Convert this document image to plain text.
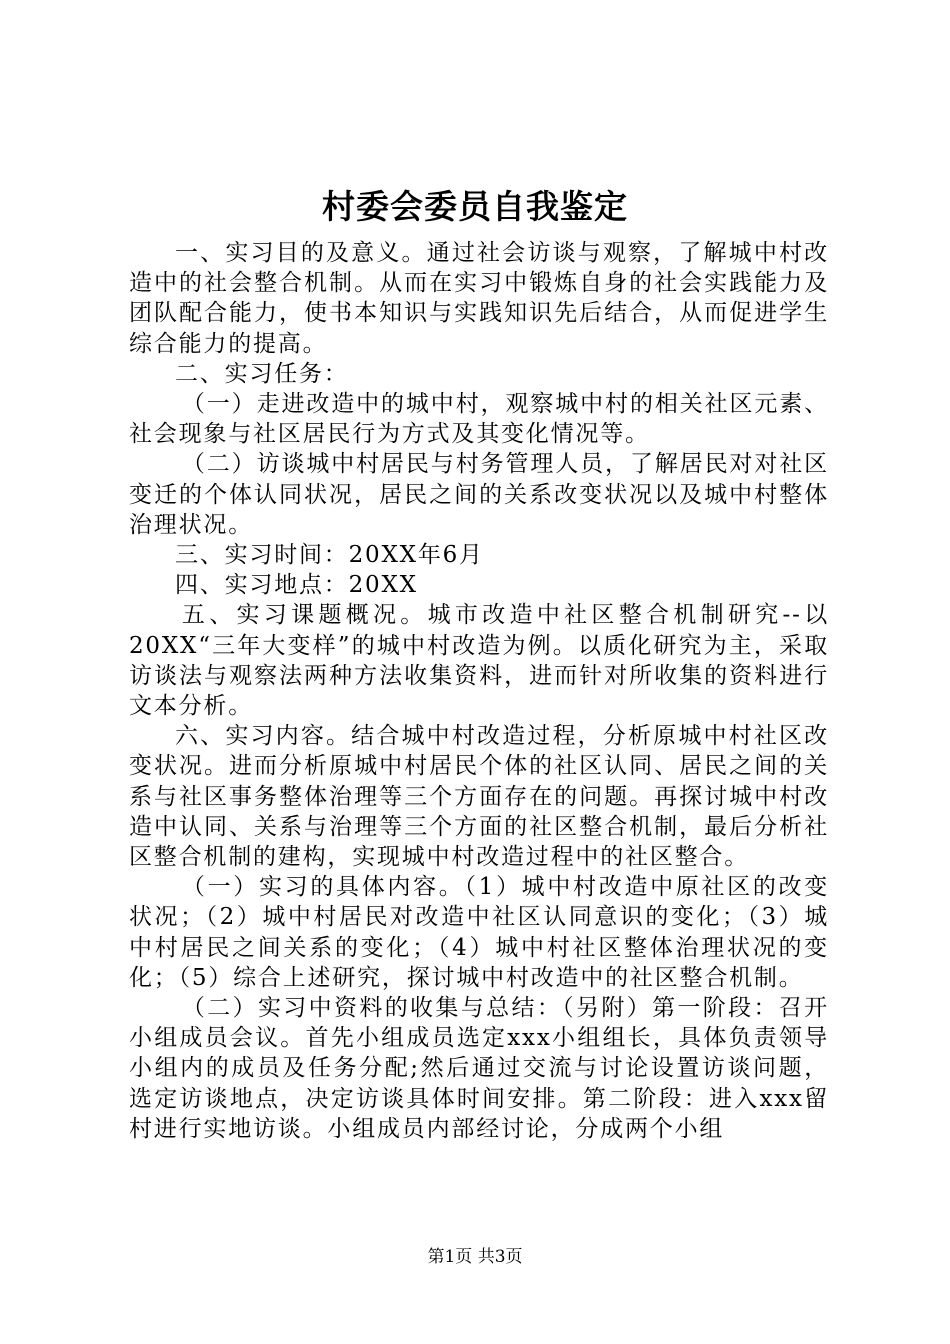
村委会委员自我鉴定

一、实习目的及意义。通过社会访谈与观察，了解城中村改造中的社会整合机制。从而在实习中锻炼自身的社会实践能力及团队配合能力，使书本知识与实践知识先后结合，从而促进学生综合能力的提高。

二、实习任务：

（一）走进改造中的城中村，观察城中村的相关社区元素、社会现象与社区居民行为方式及其变化情况等。

（二）访谈城中村居民与村务管理人员，了解居民对对社区变迁的个体认同状况，居民之间的关系改变状况以及城中村整体治理状况。

三、实习时间：20XX年6月

四、实习地点：20XX

五、实习课题概况。城市改造中社区整合机制研究--以20XX“三年大变样”的城中村改造为例。以质化研究为主，采取访谈法与观察法两种方法收集资料，进而针对所收集的资料进行文本分析。

六、实习内容。结合城中村改造过程，分析原城中村社区改变状况。进而分析原城中村居民个体的社区认同、居民之间的关系与社区事务整体治理等三个方面存在的问题。再探讨城中村改造中认同、关系与治理等三个方面的社区整合机制，最后分析社区整合机制的建构，实现城中村改造过程中的社区整合。

（一）实习的具体内容。（1）城中村改造中原社区的改变状况；（2）城中村居民对改造中社区认同意识的变化；（3）城中村居民之间关系的变化；（4）城中村社区整体治理状况的变化；（5）综合上述研究，探讨城中村改造中的社区整合机制。

（二）实习中资料的收集与总结：（另附）第一阶段：召开小组成员会议。首先小组成员选定xxx小组组长，具体负责领导小组内的成员及任务分配;然后通过交流与讨论设置访谈问题，选定访谈地点，决定访谈具体时间安排。第二阶段：进入xxx留村进行实地访谈。小组成员内部经讨论，分成两个小组

第1页 共3页
